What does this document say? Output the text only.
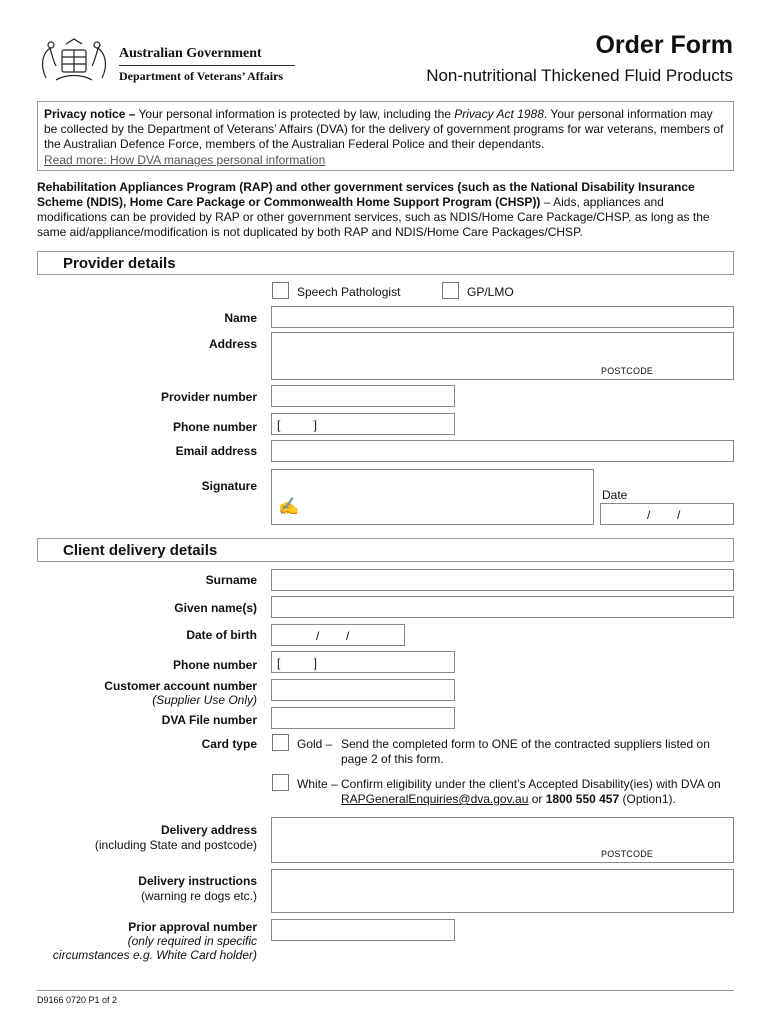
Australian Government
Department of Veterans’ Affairs
Order Form
Non-nutritional Thickened Fluid Products
Privacy notice – Your personal information is protected by law, including the Privacy Act 1988. Your personal information may be collected by the Department of Veterans’ Affairs (DVA) for the delivery of government programs for war veterans, members of the Australian Defence Force, members of the Australian Federal Police and their dependants.
Read more: How DVA manages personal information
Rehabilitation Appliances Program (RAP) and other government services (such as the National Disability Insurance Scheme (NDIS), Home Care Package or Commonwealth Home Support Program (CHSP)) – Aids, appliances and modifications can be provided by RAP or other government services, such as NDIS/Home Care Package/CHSP, as long as the same aid/appliance/modification is not duplicated by both RAP and NDIS/Home Care Packages/CHSP.
Provider details
Speech Pathologist	GP/LMO
Name
Address
POSTCODE
Provider number
Phone number [          ]
Email address
Signature
✍
Date
/        /
Client delivery details
Surname
Given name(s)
Date of birth	/        /
Phone number [          ]
Customer account number
(Supplier Use Only)
DVA File number
Card type	Gold – Send the completed form to ONE of the contracted suppliers listed on page 2 of this form.
White – Confirm eligibility under the client’s Accepted Disability(ies) with DVA on RAPGeneralEnquiries@dva.gov.au or 1800 550 457 (Option1).
Delivery address
(including State and postcode)
POSTCODE
Delivery instructions
(warning re dogs etc.)
Prior approval number
(only required in specific
circumstances e.g. White Card holder)
D9166 0720 P1 of 2
